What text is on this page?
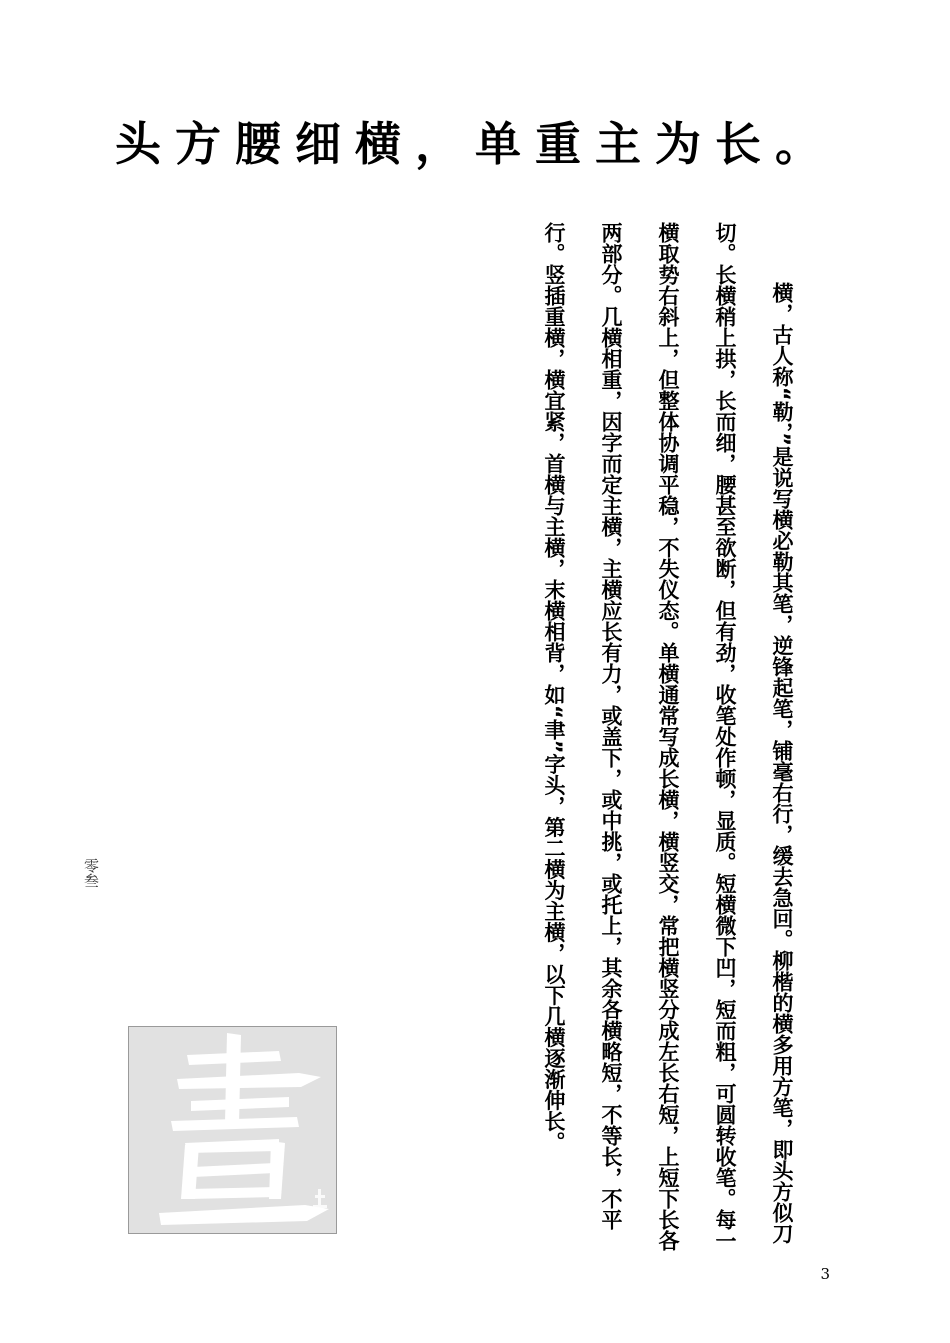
头方腰细横，单重主为长。

横，古人称“勒，”是说写横必勒其笔，逆锋起笔，铺毫右行，缓去急回。柳楷的横多用方笔，即头方似刀切。长横稍上拱，长而细，腰甚至欲断，但有劲，收笔处作顿，显质。短横微下凹，短而粗，可圆转收笔。每一横取势右斜上，但整体协调平稳，不失仪态。单横通常写成长横，横竖交，常把横竖分成左长右短，上短下长各两部分。几横相重，因字而定主横，主横应长有力，或盖下，或中挑，或托上，其余各横略短，不等长，不平行。竖插重横，横宜紧，首横与主横，末横相背，如“聿”字头，第二横为主横，以下几横逐渐伸长。

零叁
3
